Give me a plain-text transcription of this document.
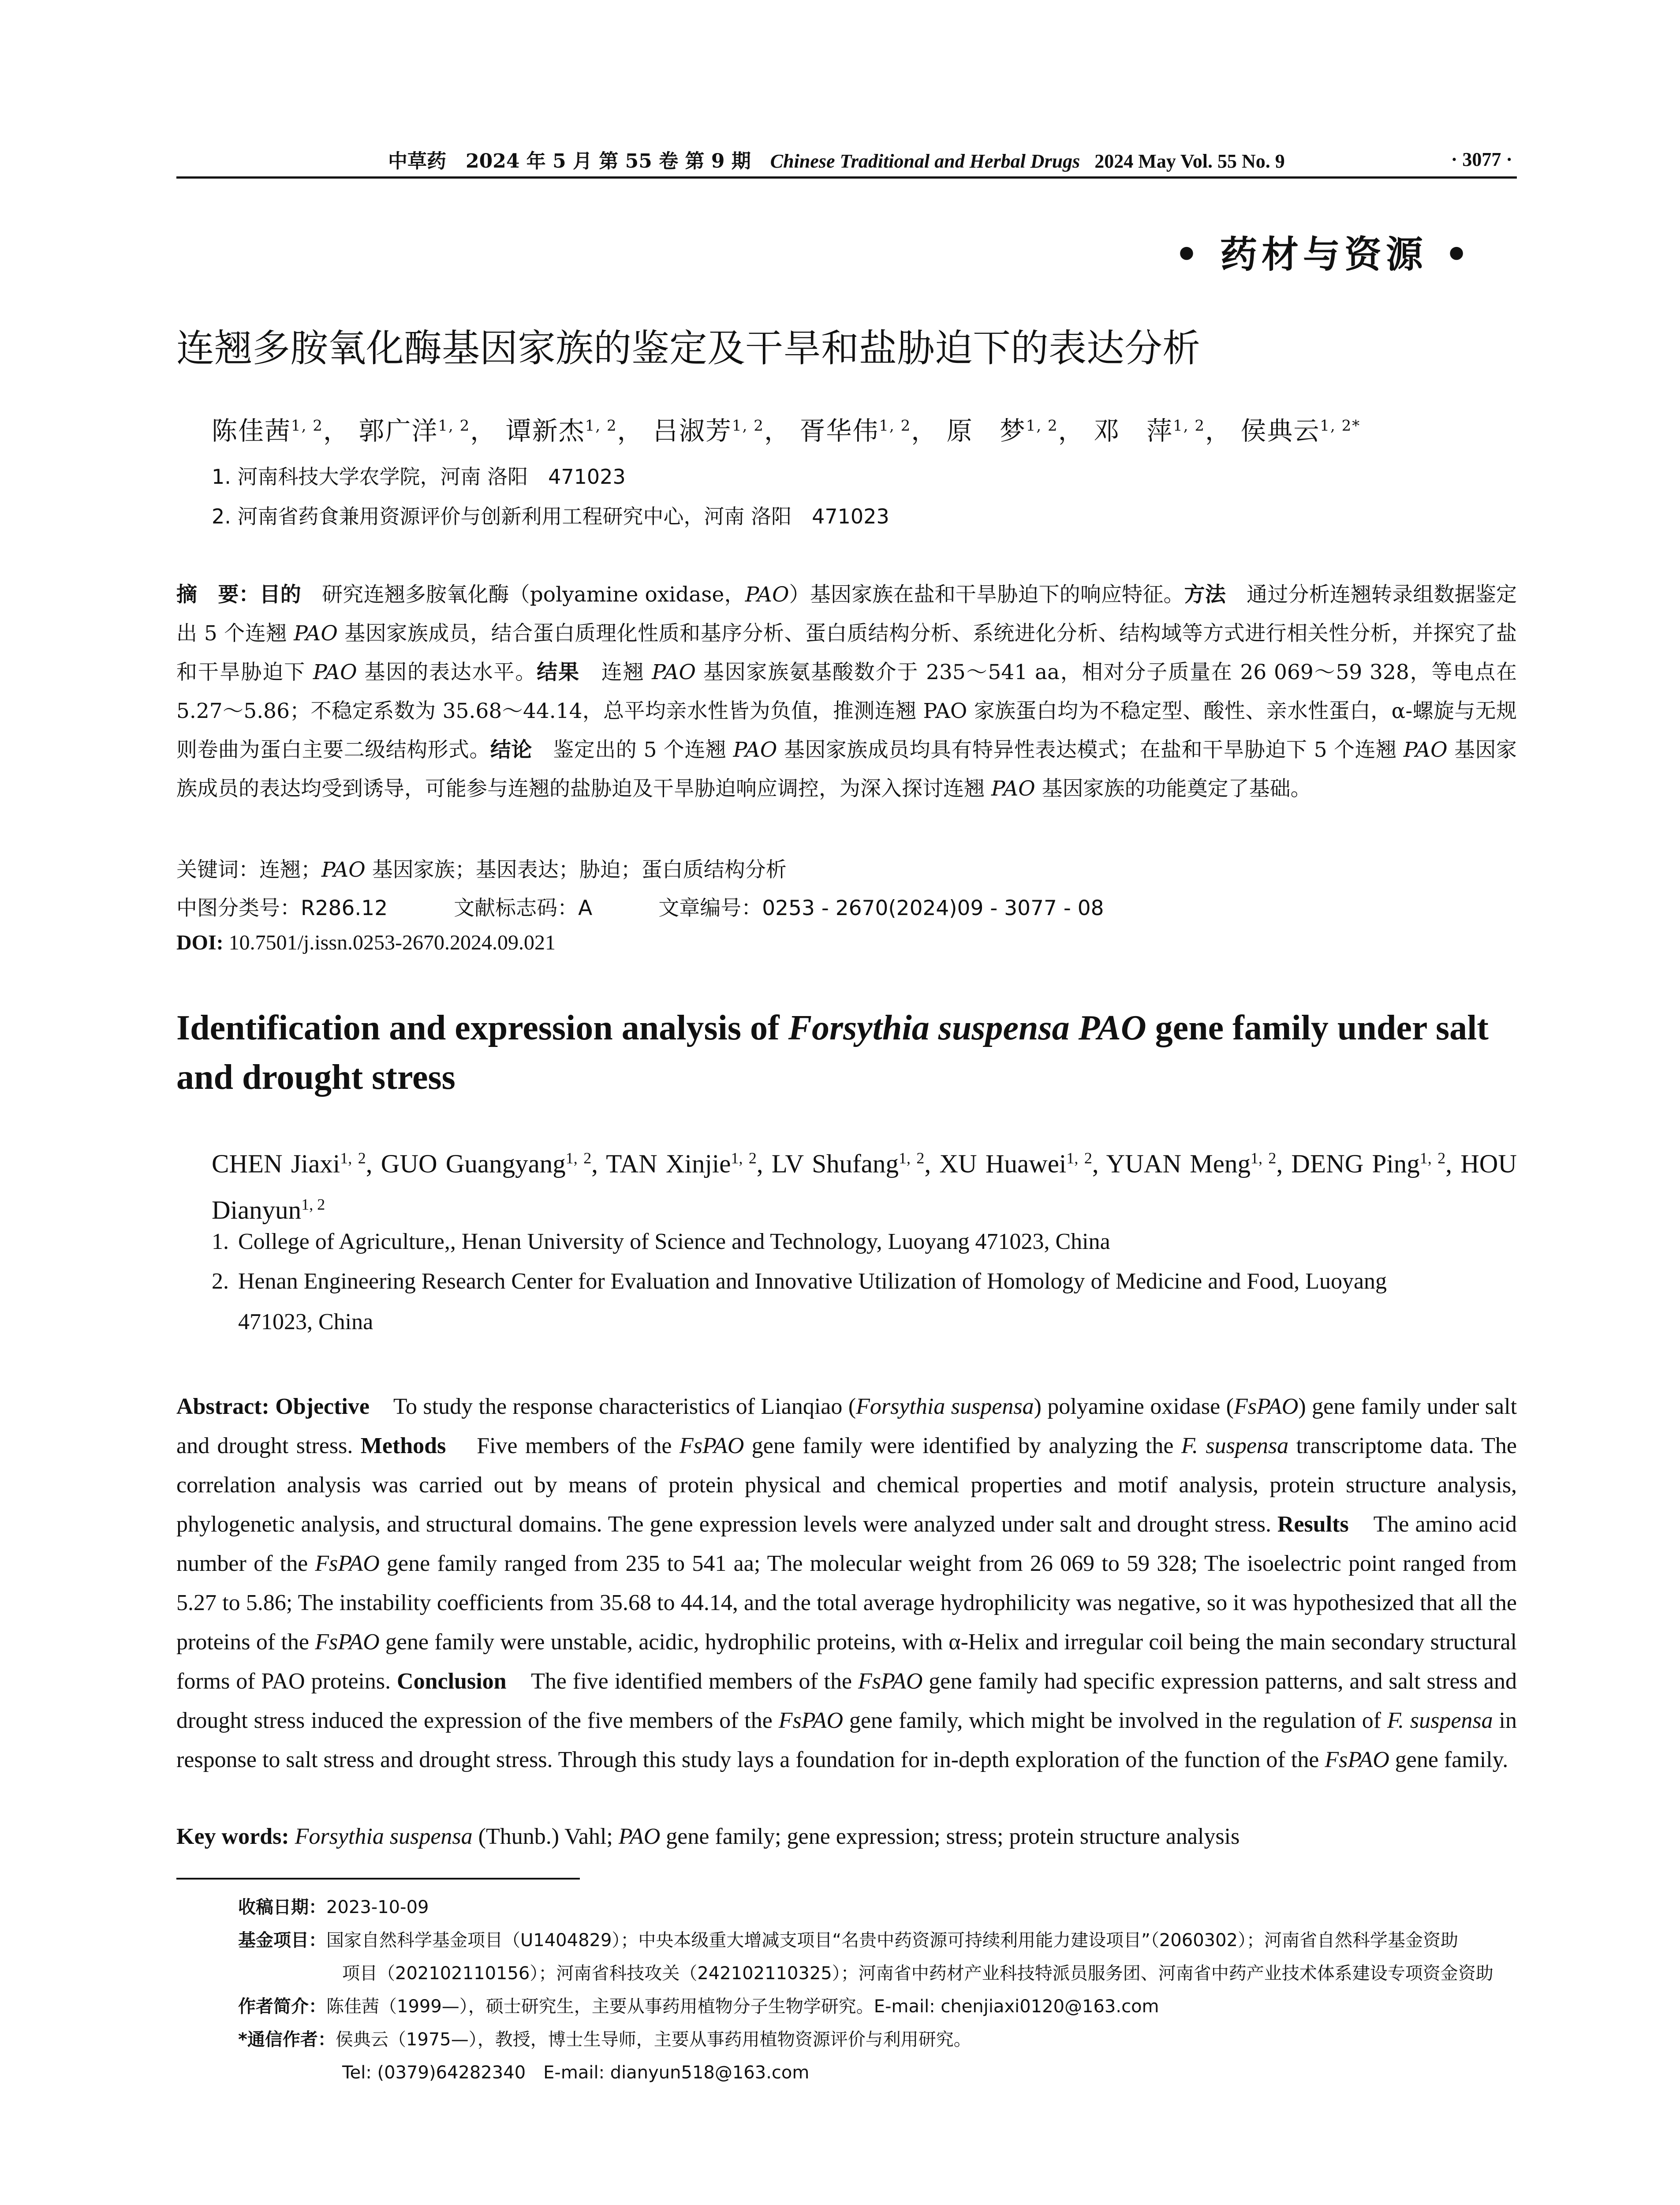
中草药 2024 年 5 月 第 55 卷 第 9 期 Chinese Traditional and Herbal Drugs 2024 May Vol. 55 No. 9	· 3077 ·
• 药材与资源 •
连翘多胺氧化酶基因家族的鉴定及干旱和盐胁迫下的表达分析
陈佳茜$^{1, 2}$， 郭广洋$^{1, 2}$， 谭新杰$^{1, 2}$， 吕淑芳$^{1, 2}$， 胥华伟$^{1, 2}$， 原　梦$^{1, 2}$， 邓　萍$^{1, 2}$， 侯典云$^{1, 2*}$
1. 河南科技大学农学院，河南 洛阳　471023
2. 河南省药食兼用资源评价与创新利用工程研究中心，河南 洛阳　471023
摘　要：目的　 研究连翘多胺氧化酶（polyamine oxidase，PAO）基因家族在盐和干旱胁迫下的响应特征。方法　 通过分析连翘转录组数据鉴定出 5 个连翘 PAO 基因家族成员，结合蛋白质理化性质和基序分析、蛋白质结构分析、系统进化分析、结构域等方式进行相关性分析，并探究了盐和干旱胁迫下 PAO 基因的表达水平。结果　 连翘 PAO 基因家族氨基酸数介于 235～541 aa，相对分子质量在 26 069～59 328，等电点在 5.27～5.86；不稳定系数为 35.68～44.14，总平均亲水性皆为负值，推测连翘 PAO 家族蛋白均为不稳定型、酸性、亲水性蛋白，α-螺旋与无规则卷曲为蛋白主要二级结构形式。结论　 鉴定出的 5 个连翘 PAO 基因家族成员均具有特异性表达模式；在盐和干旱胁迫下 5 个连翘 PAO 基因家族成员的表达均受到诱导，可能参与连翘的盐胁迫及干旱胁迫响应调控，为深入探讨连翘 PAO 基因家族的功能奠定了基础。
关键词：连翘；PAO 基因家族；基因表达；胁迫；蛋白质结构分析
中图分类号：R286.12	文献标志码：A	文章编号：0253 - 2670(2024)09 - 3077 - 08
DOI: 10.7501/j.issn.0253-2670.2024.09.021
Identification and expression analysis of Forsythia suspensa PAO gene family under salt and drought stress
CHEN Jiaxi$^{1, 2}$, GUO Guangyang$^{1, 2}$, TAN Xinjie$^{1, 2}$, LV Shufang$^{1, 2}$, XU Huawei$^{1, 2}$, YUAN Meng$^{1, 2}$, DENG Ping$^{1, 2}$, HOU Dianyun$^{1, 2}$
1. College of Agriculture,, Henan University of Science and Technology, Luoyang 471023, China
2. Henan Engineering Research Center for Evaluation and Innovative Utilization of Homology of Medicine and Food, Luoyang
471023, China
Abstract: Objective To study the response characteristics of Lianqiao (Forsythia suspensa) polyamine oxidase (FsPAO) gene family under salt and drought stress. Methods Five members of the FsPAO gene family were identified by analyzing the F. suspensa transcriptome data. The correlation analysis was carried out by means of protein physical and chemical properties and motif analysis, protein structure analysis, phylogenetic analysis, and structural domains. The gene expression levels were analyzed under salt and drought stress. Results The amino acid number of the FsPAO gene family ranged from 235 to 541 aa; The molecular weight from 26 069 to 59 328; The isoelectric point ranged from 5.27 to 5.86; The instability coefficients from 35.68 to 44.14, and the total average hydrophilicity was negative, so it was hypothesized that all the proteins of the FsPAO gene family were unstable, acidic, hydrophilic proteins, with α-Helix and irregular coil being the main secondary structural forms of PAO proteins. Conclusion The five identified members of the FsPAO gene family had specific expression patterns, and salt stress and drought stress induced the expression of the five members of the FsPAO gene family, which might be involved in the regulation of F. suspensa in response to salt stress and drought stress. Through this study lays a foundation for in-depth exploration of the function of the FsPAO gene family.
Key words: Forsythia suspensa (Thunb.) Vahl; PAO gene family; gene expression; stress; protein structure analysis
收稿日期：2023-10-09
基金项目：国家自然科学基金项目（U1404829）；中央本级重大增减支项目“名贵中药资源可持续利用能力建设项目”（2060302）；河南省自然科学基金资助
项目（202102110156）；河南省科技攻关（242102110325）；河南省中药材产业科技特派员服务团、河南省中药产业技术体系建设专项资金资助
作者简介：陈佳茜（1999—），硕士研究生，主要从事药用植物分子生物学研究。E-mail: chenjiaxi0120@163.com
*通信作者：侯典云（1975—），教授，博士生导师，主要从事药用植物资源评价与利用研究。
Tel: (0379)64282340　E-mail: dianyun518@163.com
